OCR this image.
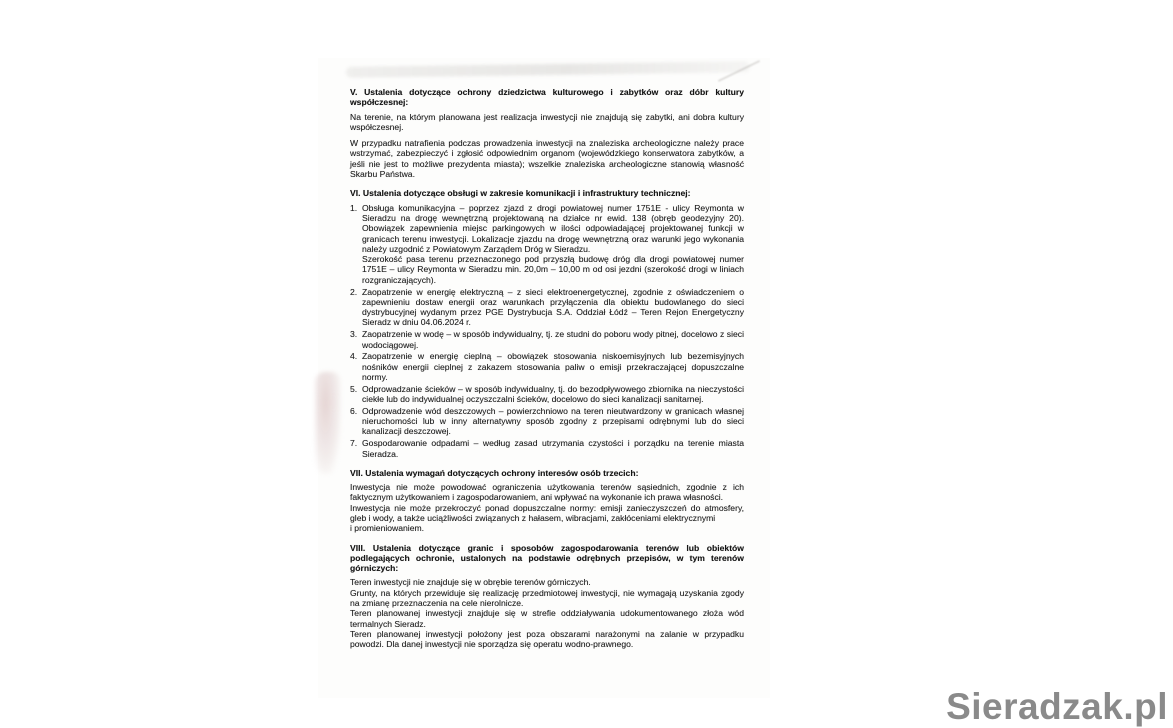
V. Ustalenia dotyczące ochrony dziedzictwa kulturowego i zabytków oraz dóbr kultury współczesnej:
Na terenie, na którym planowana jest realizacja inwestycji nie znajdują się zabytki, ani dobra kultury współczesnej.
W przypadku natrafienia podczas prowadzenia inwestycji na znaleziska archeologiczne należy prace wstrzymać, zabezpieczyć i zgłosić odpowiednim organom (wojewódzkiego konserwatora zabytków, a jeśli nie jest to możliwe prezydenta miasta); wszelkie znaleziska archeologiczne stanowią własność Skarbu Państwa.
VI. Ustalenia dotyczące obsługi w zakresie komunikacji i infrastruktury technicznej:
1. Obsługa komunikacyjna – poprzez zjazd z drogi powiatowej numer 1751E - ulicy Reymonta w Sieradzu na drogę wewnętrzną projektowaną na działce nr ewid. 138 (obręb geodezyjny 20). Obowiązek zapewnienia miejsc parkingowych w ilości odpowiadającej projektowanej funkcji w granicach terenu inwestycji. Lokalizacje zjazdu na drogę wewnętrzną oraz warunki jego wykonania należy uzgodnić z Powiatowym Zarządem Dróg w Sieradzu.
Szerokość pasa terenu przeznaczonego pod przyszłą budowę dróg dla drogi powiatowej numer 1751E – ulicy Reymonta w Sieradzu min. 20,0m – 10,00 m od osi jezdni (szerokość drogi w liniach rozgraniczających).
2. Zaopatrzenie w energię elektryczną – z sieci elektroenergetycznej, zgodnie z oświadczeniem o zapewnieniu dostaw energii oraz warunkach przyłączenia dla obiektu budowlanego do sieci dystrybucyjnej wydanym przez PGE Dystrybucja S.A. Oddział Łódź – Teren Rejon Energetyczny Sieradz w dniu 04.06.2024 r.
3. Zaopatrzenie w wodę – w sposób indywidualny, tj. ze studni do poboru wody pitnej, docelowo z sieci wodociągowej.
4. Zaopatrzenie w energię cieplną – obowiązek stosowania niskoemisyjnych lub bezemisyjnych nośników energii cieplnej z zakazem stosowania paliw o emisji przekraczającej dopuszczalne normy.
5. Odprowadzanie ścieków – w sposób indywidualny, tj. do bezodpływowego zbiornika na nieczystości ciekłe lub do indywidualnej oczyszczalni ścieków, docelowo do sieci kanalizacji sanitarnej.
6. Odprowadzenie wód deszczowych – powierzchniowo na teren nieutwardzony w granicach własnej nieruchomości lub w inny alternatywny sposób zgodny z przepisami odrębnymi lub do sieci kanalizacji deszczowej.
7. Gospodarowanie odpadami – według zasad utrzymania czystości i porządku na terenie miasta Sieradza.
VII. Ustalenia wymagań dotyczących ochrony interesów osób trzecich:
Inwestycja nie może powodować ograniczenia użytkowania terenów sąsiednich, zgodnie z ich faktycznym użytkowaniem i zagospodarowaniem, ani wpływać na wykonanie ich prawa własności.
Inwestycja nie może przekroczyć ponad dopuszczalne normy: emisji zanieczyszczeń do atmosfery, gleb i wody, a także uciążliwości związanych z hałasem, wibracjami, zakłóceniami elektrycznymi
i promieniowaniem.
VIII. Ustalenia dotyczące granic i sposobów zagospodarowania terenów lub obiektów podlegających ochronie, ustalonych na podstawie odrębnych przepisów, w tym terenów górniczych:
Teren inwestycji nie znajduje się w obrębie terenów górniczych.
Grunty, na których przewiduje się realizację przedmiotowej inwestycji, nie wymagają uzyskania zgody na zmianę przeznaczenia na cele nierolnicze.
Teren planowanej inwestycji znajduje się w strefie oddziaływania udokumentowanego złoża wód termalnych Sieradz.
Teren planowanej inwestycji położony jest poza obszarami narażonymi na zalanie w przypadku powodzi. Dla danej inwestycji nie sporządza się operatu wodno-prawnego.
Sieradzak.pl
